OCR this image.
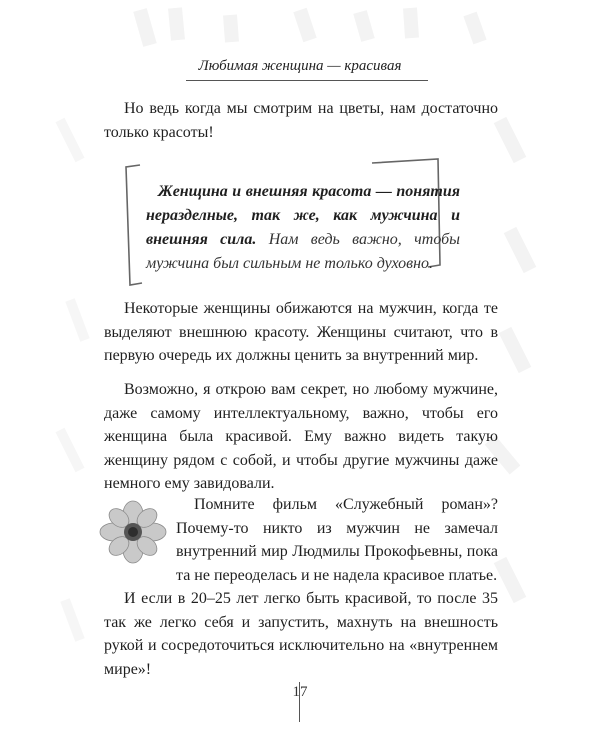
Любимая женщина — красивая

Но ведь когда мы смотрим на цветы, нам достаточно только красоты!

Женщина и внешняя красота — понятия неразделные, так же, как мужчина и внешняя сила. Нам ведь важно, чтобы мужчина был сильным не только духовно.

Некоторые женщины обижаются на мужчин, когда те выделяют внешнюю красоту. Женщины считают, что в первую очередь их должны ценить за внутренний мир.

Возможно, я открою вам секрет, но любому мужчине, даже самому интеллектуальному, важно, чтобы его женщина была красивой. Ему важно видеть такую женщину рядом с собой, и чтобы другие мужчины даже немного ему завидовали.

Помните фильм «Служебный роман»? Почему-то никто из мужчин не замечал внутренний мир Людмилы Прокофьевны, пока та не переоделась и не надела красивое платье.

И если в 20–25 лет легко быть красивой, то после 35 так же легко себя и запустить, махнуть на внешность рукой и сосредоточиться исключительно на «внутреннем мире»!

17
